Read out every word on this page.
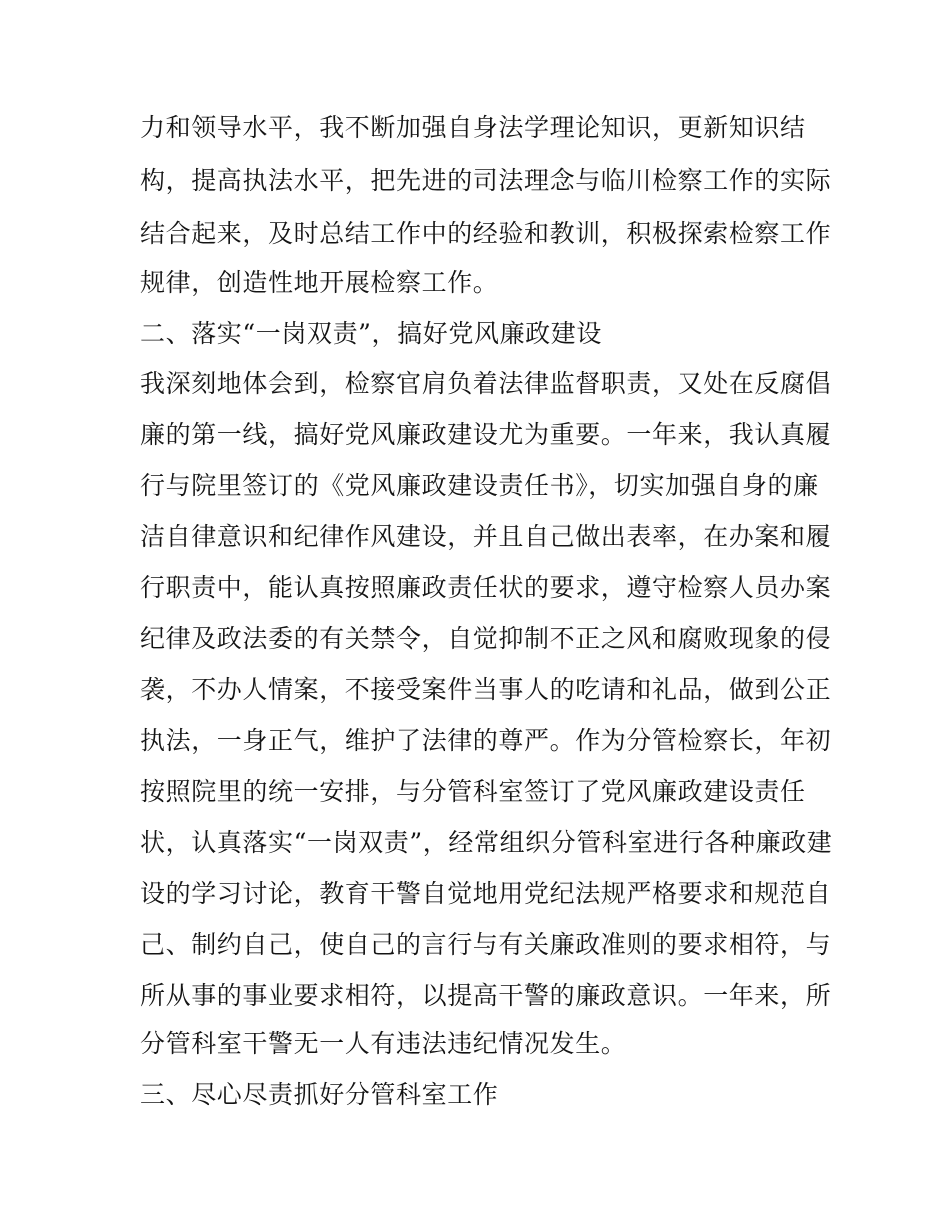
力和领导水平，我不断加强自身法学理论知识，更新知识结
构，提高执法水平，把先进的司法理念与临川检察工作的实际
结合起来，及时总结工作中的经验和教训，积极探索检察工作
规律，创造性地开展检察工作。
二、落实“一岗双责”，搞好党风廉政建设
我深刻地体会到，检察官肩负着法律监督职责，又处在反腐倡
廉的第一线，搞好党风廉政建设尤为重要。一年来，我认真履
行与院里签订的《党风廉政建设责任书》，切实加强自身的廉
洁自律意识和纪律作风建设，并且自己做出表率，在办案和履
行职责中，能认真按照廉政责任状的要求，遵守检察人员办案
纪律及政法委的有关禁令，自觉抑制不正之风和腐败现象的侵
袭，不办人情案，不接受案件当事人的吃请和礼品，做到公正
执法，一身正气，维护了法律的尊严。作为分管检察长，年初
按照院里的统一安排，与分管科室签订了党风廉政建设责任
状，认真落实“一岗双责”，经常组织分管科室进行各种廉政建
设的学习讨论，教育干警自觉地用党纪法规严格要求和规范自
己、制约自己，使自己的言行与有关廉政准则的要求相符，与
所从事的事业要求相符，以提高干警的廉政意识。一年来，所
分管科室干警无一人有违法违纪情况发生。
三、尽心尽责抓好分管科室工作
